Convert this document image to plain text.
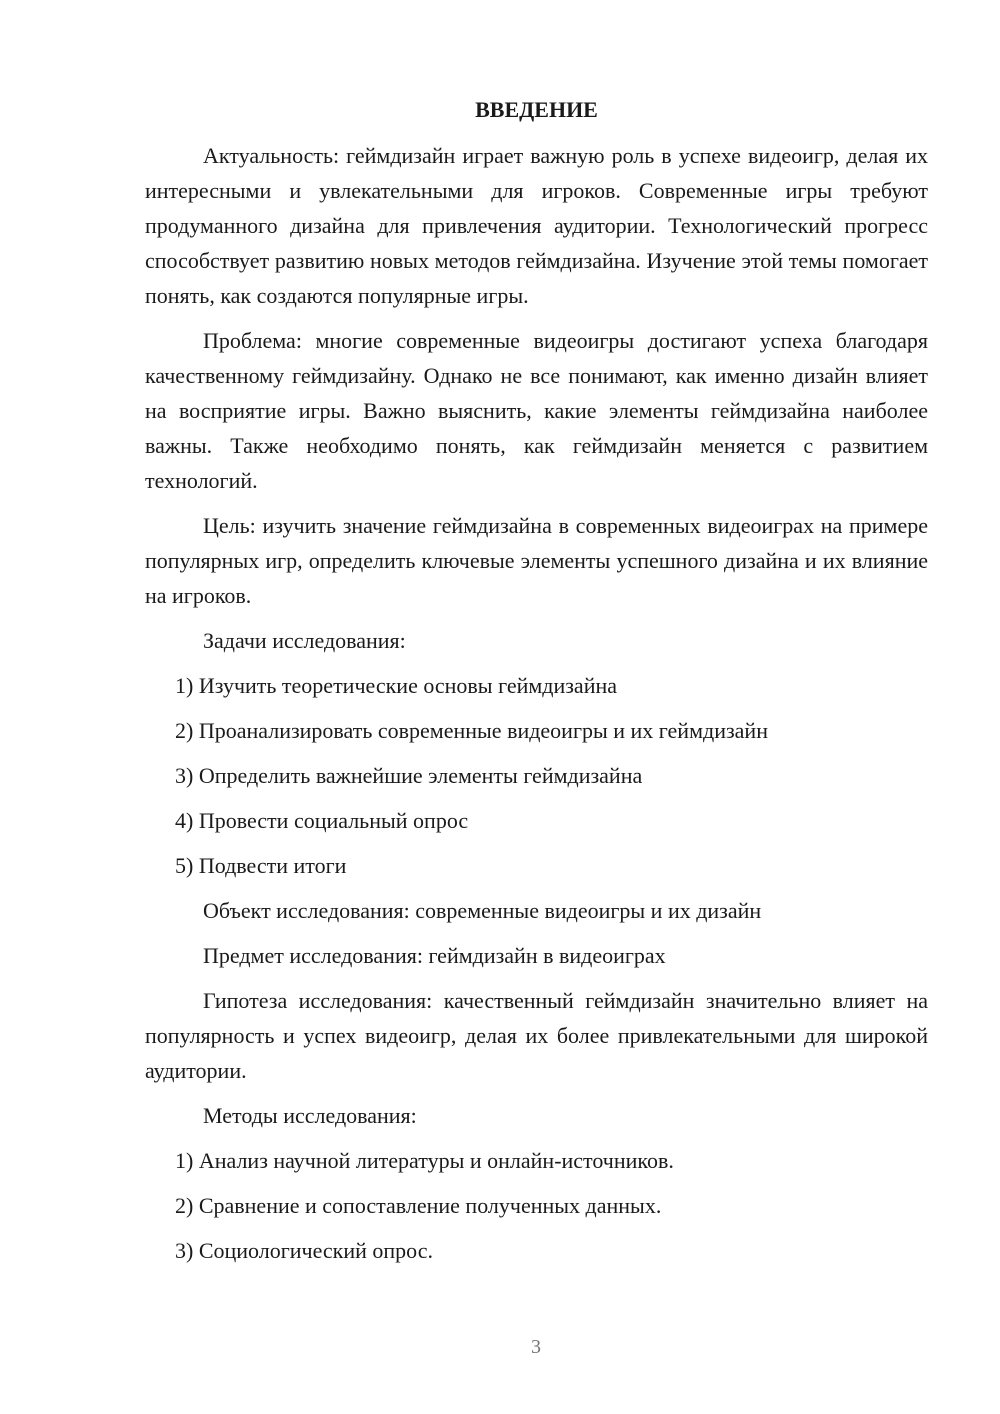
ВВЕДЕНИЕ

Актуальность: геймдизайн играет важную роль в успехе видеоигр, делая их интересными и увлекательными для игроков. Современные игры требуют продуманного дизайна для привлечения аудитории. Технологический прогресс способствует развитию новых методов геймдизайна. Изучение этой темы помогает понять, как создаются популярные игры.

Проблема: многие современные видеоигры достигают успеха благодаря качественному геймдизайну. Однако не все понимают, как именно дизайн влияет на восприятие игры. Важно выяснить, какие элементы геймдизайна наиболее важны. Также необходимо понять, как геймдизайн меняется с развитием технологий.

Цель: изучить значение геймдизайна в современных видеоиграх на примере популярных игр, определить ключевые элементы успешного дизайна и их влияние на игроков.

Задачи исследования:
1) Изучить теоретические основы геймдизайна
2) Проанализировать современные видеоигры и их геймдизайн
3) Определить важнейшие элементы геймдизайна
4) Провести социальный опрос
5) Подвести итоги
Объект исследования: современные видеоигры и их дизайн
Предмет исследования: геймдизайн в видеоиграх

Гипотеза исследования: качественный геймдизайн значительно влияет на популярность и успех видеоигр, делая их более привлекательными для широкой аудитории.

Методы исследования:
1) Анализ научной литературы и онлайн-источников.
2) Сравнение и сопоставление полученных данных.
3) Социологический опрос.
3
